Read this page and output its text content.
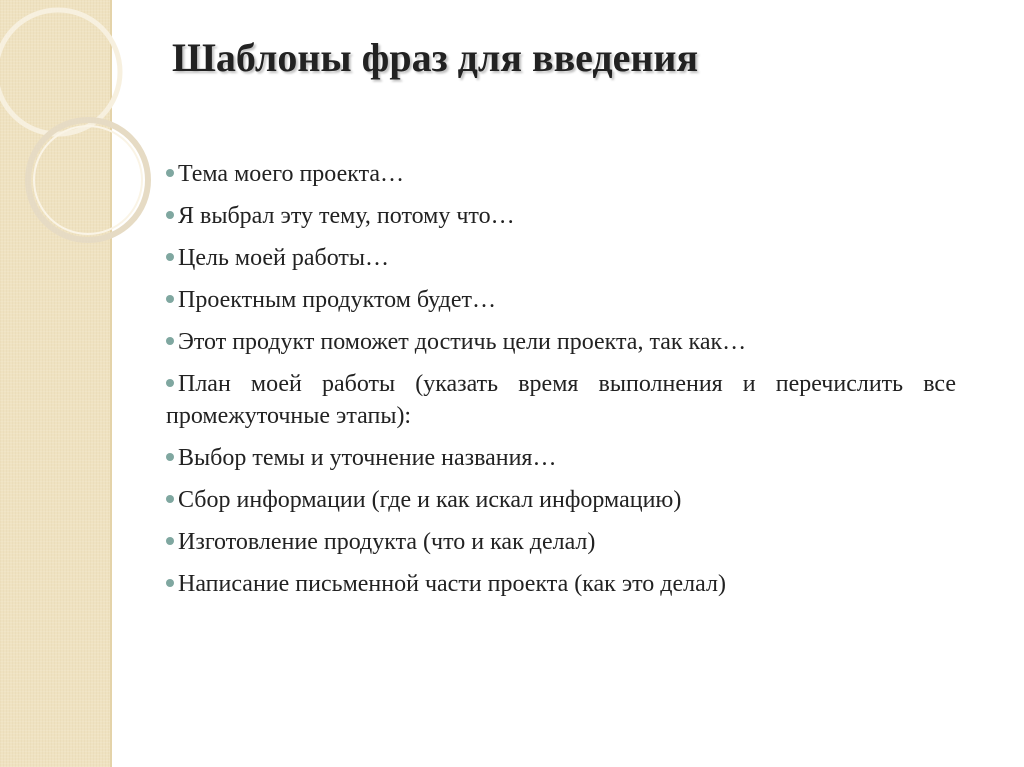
Шаблоны фраз для введения
Тема моего проекта…
Я выбрал эту тему, потому что…
Цель моей работы…
Проектным продуктом будет…
Этот продукт поможет достичь цели проекта, так как…
План моей работы (указать время выполнения и перечислить все промежуточные этапы):
Выбор темы и уточнение названия…
Сбор информации (где и как искал информацию)
Изготовление продукта (что и как делал)
Написание письменной части проекта (как это делал)
